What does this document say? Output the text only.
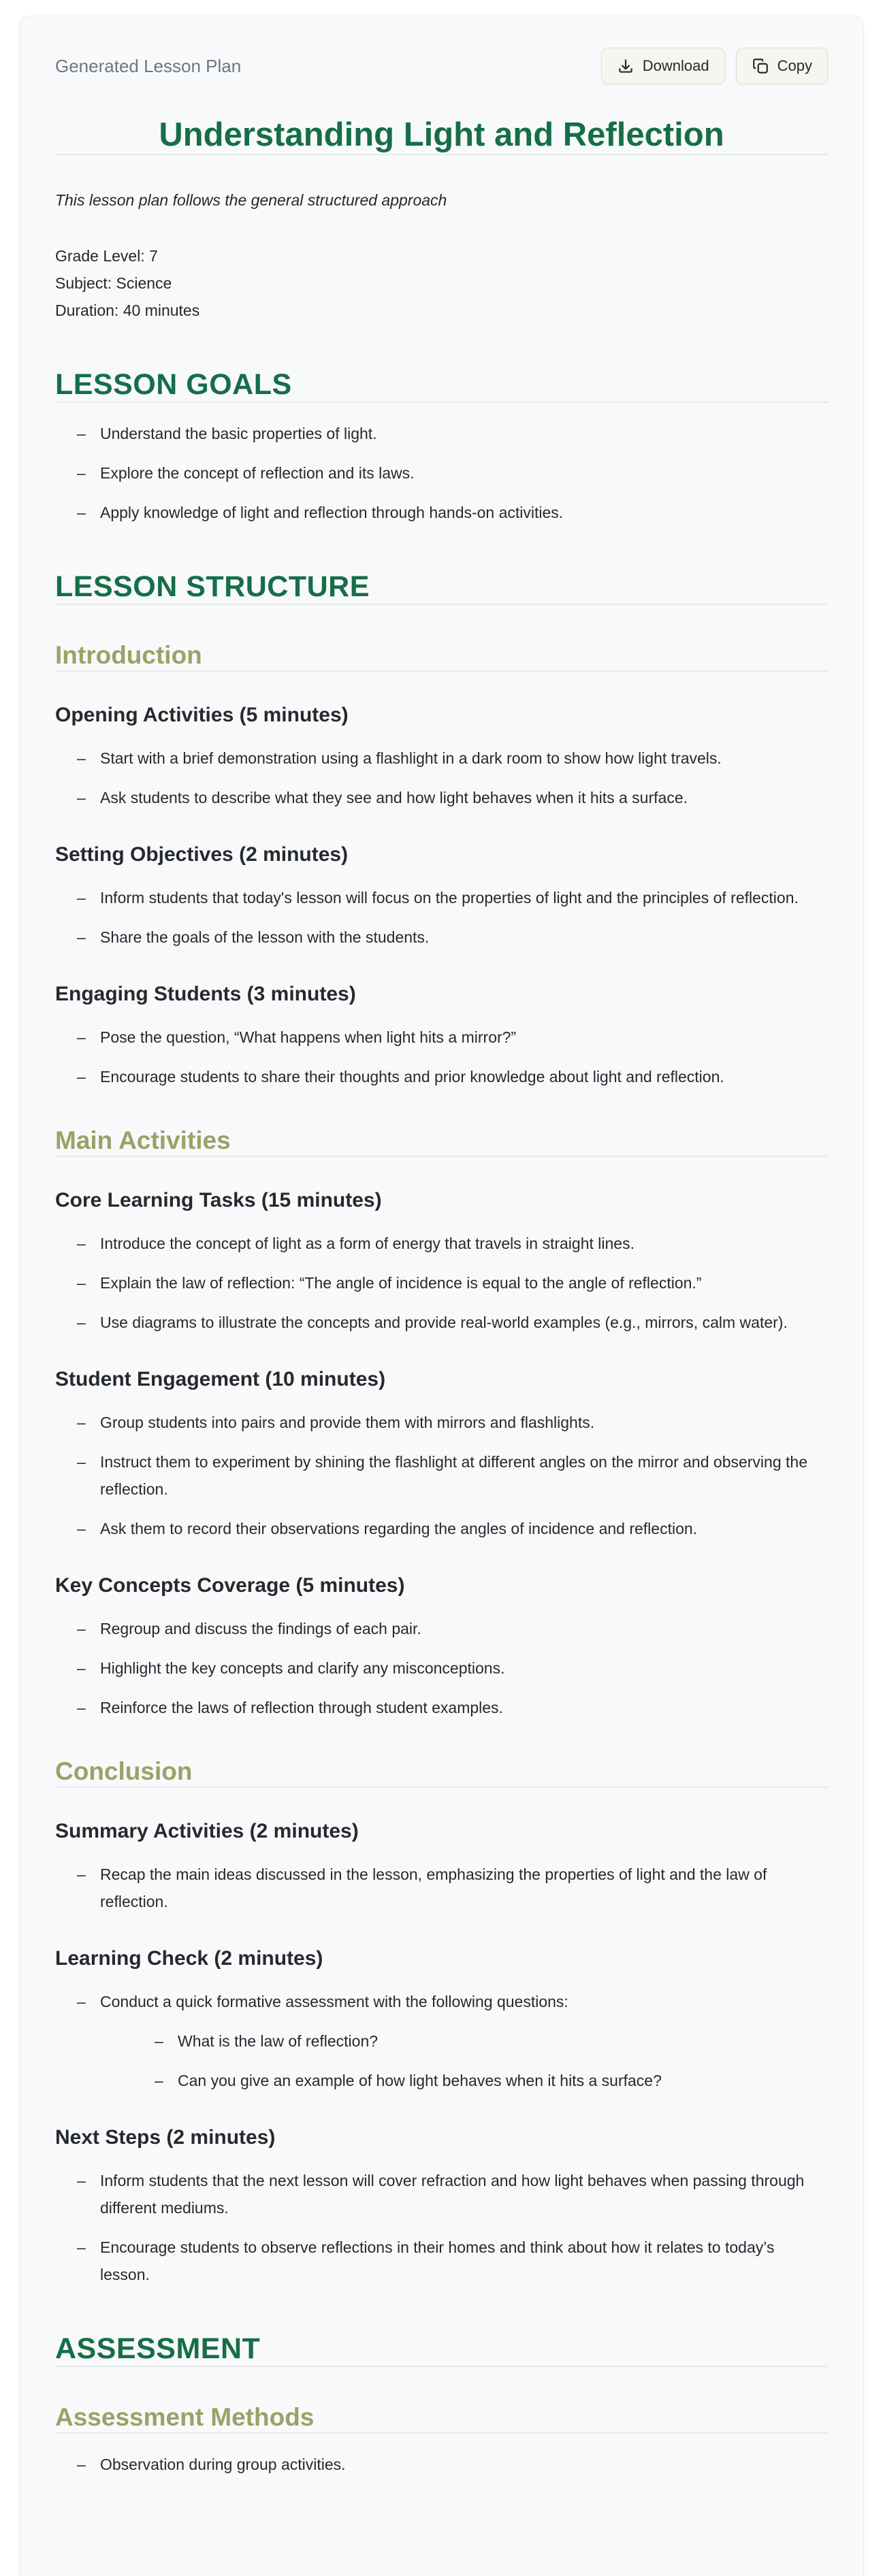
Generated Lesson Plan	Download	Copy
Understanding Light and Reflection

This lesson plan follows the general structured approach

Grade Level: 7
Subject: Science
Duration: 40 minutes
LESSON GOALS
– Understand the basic properties of light.
– Explore the concept of reflection and its laws.
– Apply knowledge of light and reflection through hands-on activities.
LESSON STRUCTURE
Introduction
Opening Activities (5 minutes)
– Start with a brief demonstration using a flashlight in a dark room to show how light travels.
– Ask students to describe what they see and how light behaves when it hits a surface.
Setting Objectives (2 minutes)
– Inform students that today's lesson will focus on the properties of light and the principles of reflection.
– Share the goals of the lesson with the students.
Engaging Students (3 minutes)
– Pose the question, “What happens when light hits a mirror?”
– Encourage students to share their thoughts and prior knowledge about light and reflection.
Main Activities
Core Learning Tasks (15 minutes)
– Introduce the concept of light as a form of energy that travels in straight lines.
– Explain the law of reflection: “The angle of incidence is equal to the angle of reflection.”
– Use diagrams to illustrate the concepts and provide real-world examples (e.g., mirrors, calm water).
Student Engagement (10 minutes)
– Group students into pairs and provide them with mirrors and flashlights.
– Instruct them to experiment by shining the flashlight at different angles on the mirror and observing the reflection.
– Ask them to record their observations regarding the angles of incidence and reflection.
Key Concepts Coverage (5 minutes)
– Regroup and discuss the findings of each pair.
– Highlight the key concepts and clarify any misconceptions.
– Reinforce the laws of reflection through student examples.
Conclusion
Summary Activities (2 minutes)
– Recap the main ideas discussed in the lesson, emphasizing the properties of light and the law of reflection.
Learning Check (2 minutes)
– Conduct a quick formative assessment with the following questions:
– What is the law of reflection?
– Can you give an example of how light behaves when it hits a surface?
Next Steps (2 minutes)
– Inform students that the next lesson will cover refraction and how light behaves when passing through different mediums.
– Encourage students to observe reflections in their homes and think about how it relates to today’s lesson.
ASSESSMENT
Assessment Methods
– Observation during group activities.
